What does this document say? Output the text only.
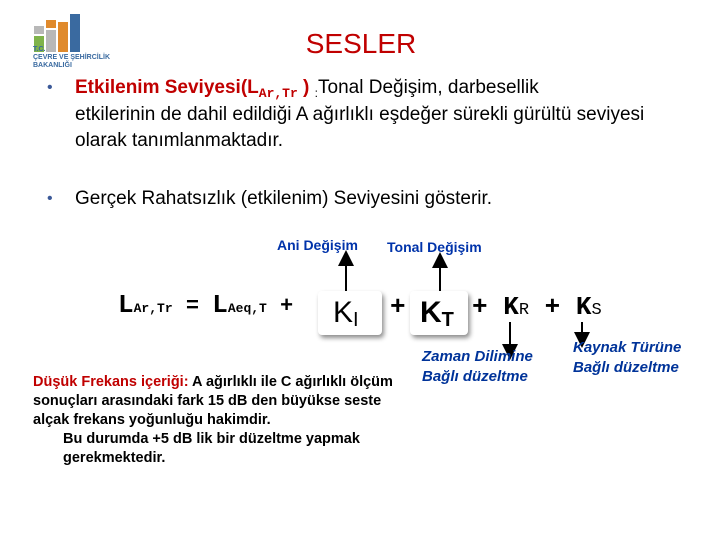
T.C.
ÇEVRE VE ŞEHİRCİLİK
BAKANLIĞI
SESLER
• Etkilenim $Seviyesi(L_{Ar,Tr}$ ) $_:$Tonal Değişim, darbesellik
etkilerinin de dahil edildiği A ağırlıklı eşdeğer sürekli gürültü seviyesi olarak tanımlanmaktadır.
• Gerçek Rahatsızlık (etkilenim) Seviyesini gösterir.
Ani Değişim Tonal Değişim
LAr,Tr = LAeq,T + KI + KT + KR + KS
Zaman Dilimine
Bağlı düzeltme
Kaynak Türüne
Bağlı düzeltme
Düşük Frekans içeriği: A ağırlıklı ile C ağırlıklı ölçüm sonuçları arasındaki fark 15 dB den büyükse seste alçak frekans yoğunluğu hakimdir.
Bu durumda +5 dB lik bir düzeltme yapmak gerekmektedir.
